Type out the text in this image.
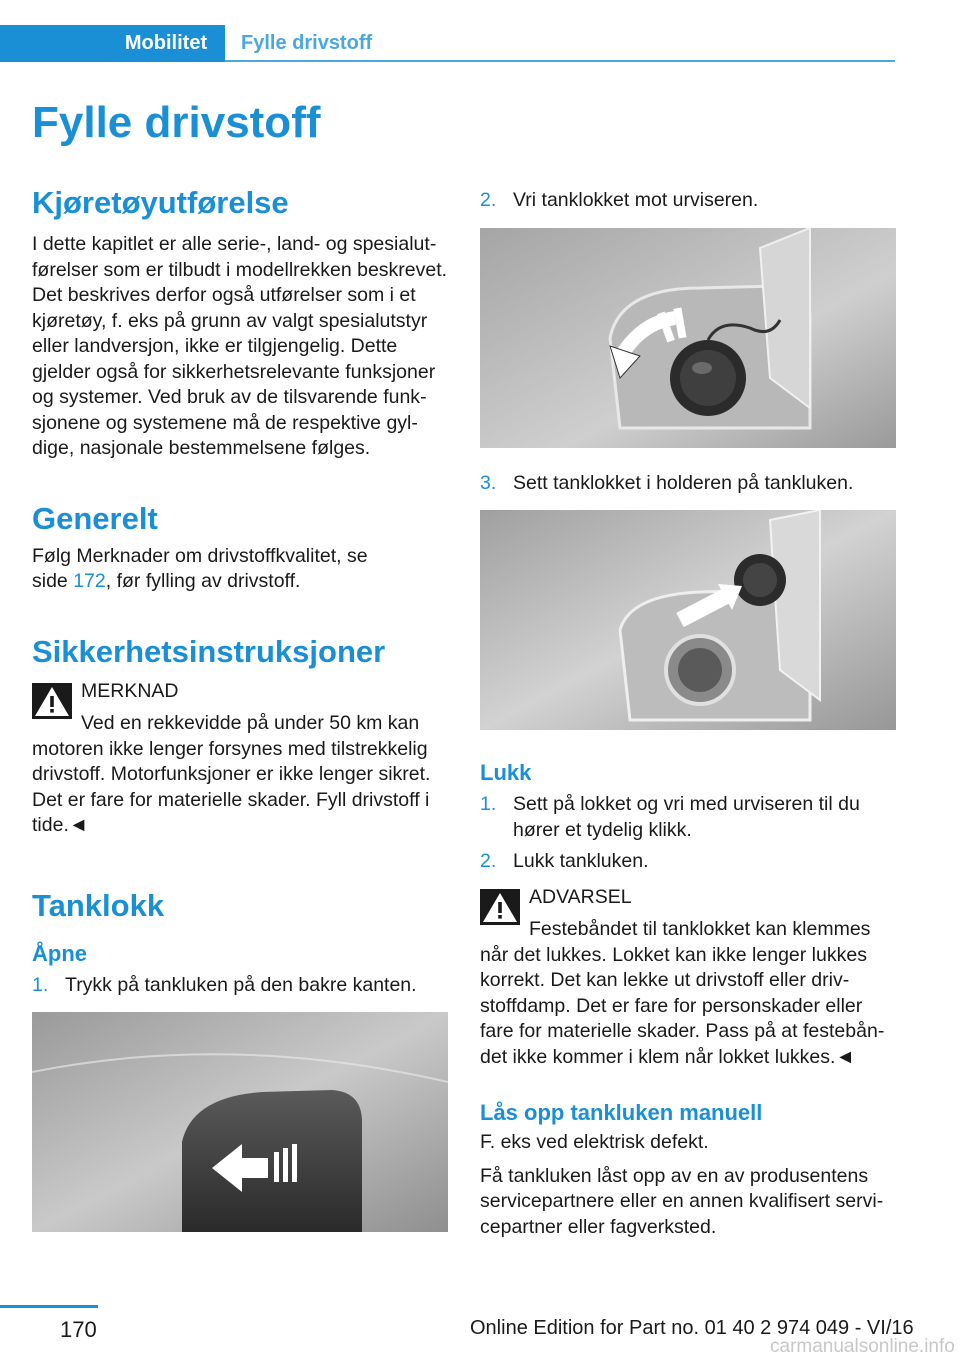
Mobilitet	Fylle drivstoff
Fylle drivstoff
Kjøretøyutførelse

I dette kapitlet er alle serie-, land- og spesialutførelser som er tilbudt i modellrekken beskrevet. Det beskrives derfor også utførelser som i et kjøretøy, f. eks på grunn av valgt spesialutstyr eller landversjon, ikke er tilgjengelig. Dette gjelder også for sikkerhetsrelevante funksjoner og systemer. Ved bruk av de tilsvarende funksjonene og systemene må de respektive gyldige, nasjonale bestemmelsene følges.

Generelt

Følg Merknader om drivstoffkvalitet, se side 172, før fylling av drivstoff.

Sikkerhetsinstruksjoner
MERKNAD
Ved en rekkevidde på under 50 km kan
motoren ikke lenger forsynes med tilstrekkelig drivstoff. Motorfunksjoner er ikke lenger sikret. Det er fare for materielle skader. Fyll drivstoff i tide.◄
Tanklokk
Åpne
1. Trykk på tankluken på den bakre kanten.
2. Vri tanklokket mot urviseren.
3. Sett tanklokket i holderen på tankluken.
Lukk
1. Sett på lokket og vri med urviseren til du hører et tydelig klikk.
2. Lukk tankluken.
ADVARSEL
Festebåndet til tanklokket kan klemmes
når det lukkes. Lokket kan ikke lenger lukkes korrekt. Det kan lekke ut drivstoff eller drivstoffdamp. Det er fare for personskader eller fare for materielle skader. Pass på at festebåndet ikke kommer i klem når lokket lukkes.◄
Lås opp tankluken manuell

F. eks ved elektrisk defekt.

Få tankluken låst opp av en av produsentens servicepartnere eller en annen kvalifisert servicepartner eller fagverksted.

170	Online Edition for Part no. 01 40 2 974 049 - VI/16
carmanualsonline.info
